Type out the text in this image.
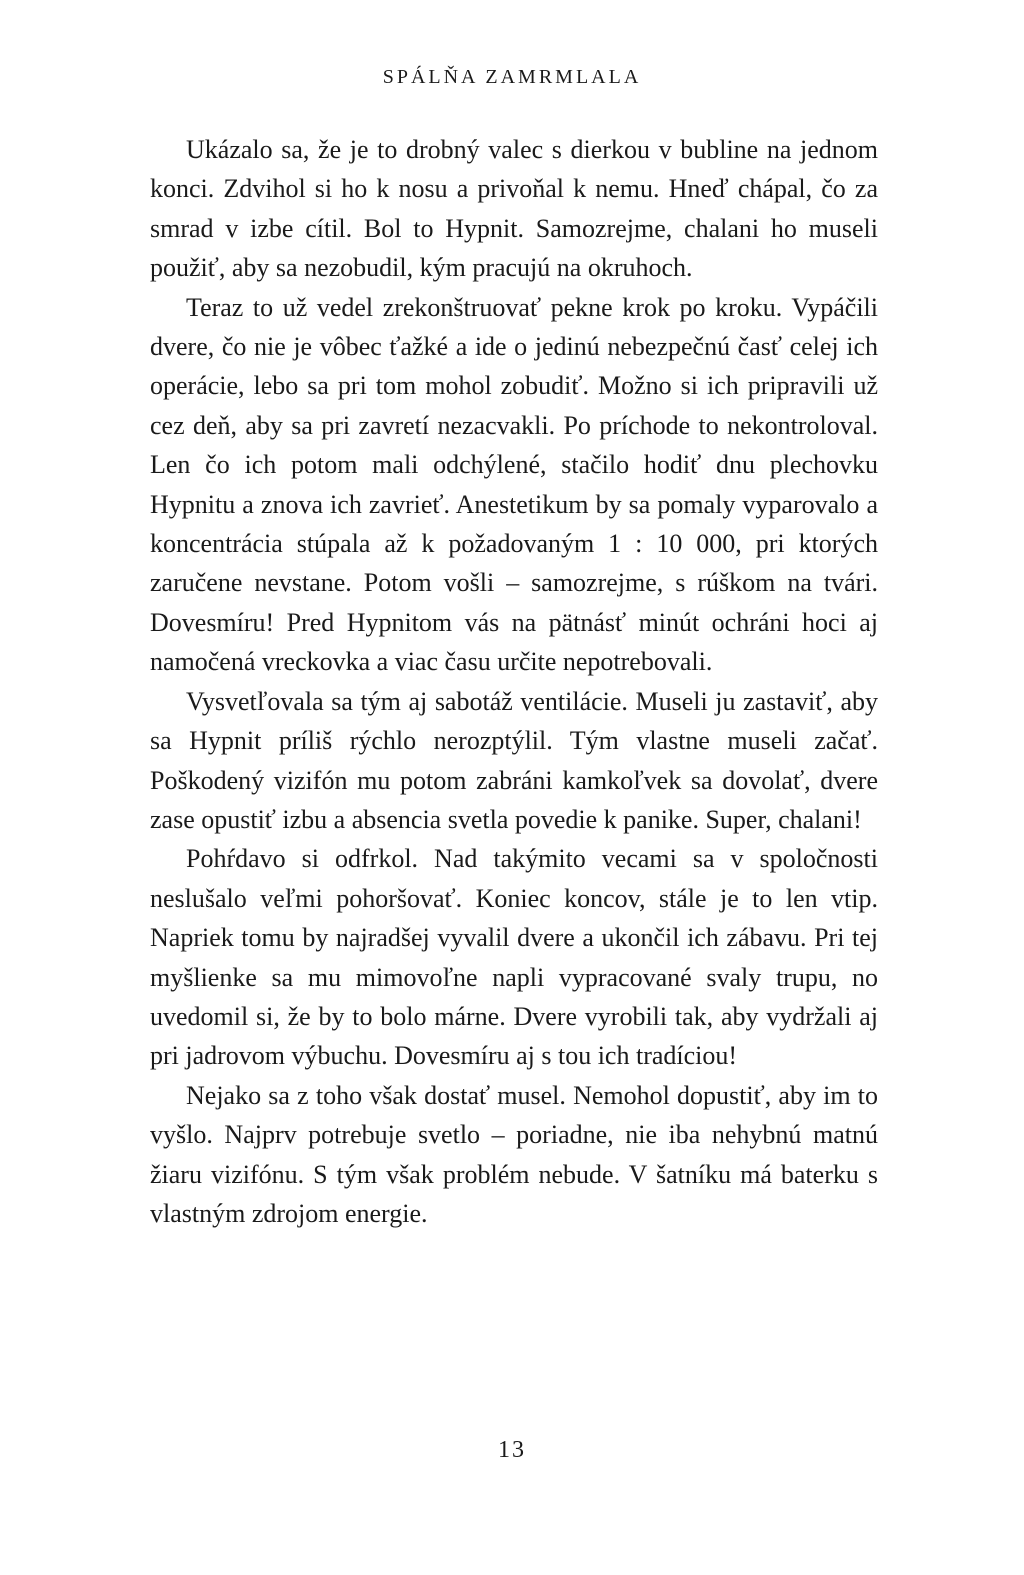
SPÁLŇA ZAMRMLALA

Ukázalo sa, že je to drobný valec s dierkou v bubline na jednom konci. Zdvihol si ho k nosu a privoňal k nemu. Hneď chápal, čo za smrad v izbe cítil. Bol to Hypnit. Samozrejme, chalani ho museli použiť, aby sa nezobudil, kým pracujú na okruhoch.

Teraz to už vedel zrekonštruovať pekne krok po kroku. Vypáčili dvere, čo nie je vôbec ťažké a ide o jedinú nebezpečnú časť celej ich operácie, lebo sa pri tom mohol zobudiť. Možno si ich pripravili už cez deň, aby sa pri zavretí nezacvakli. Po príchode to nekontroloval. Len čo ich potom mali odchýlené, stačilo hodiť dnu plechovku Hypnitu a znova ich zavrieť. Anestetikum by sa pomaly vyparovalo a koncentrácia stúpala až k požadovaným 1 : 10 000, pri ktorých zaručene nevstane. Potom vošli – samozrejme, s rúškom na tvári. Dovesmíru! Pred Hypnitom vás na pätnásť minút ochráni hoci aj namočená vreckovka a viac času určite nepotrebovali.

Vysvetľovala sa tým aj sabotáž ventilácie. Museli ju zastaviť, aby sa Hypnit príliš rýchlo nerozptýlil. Tým vlastne museli začať. Poškodený vizifón mu potom zabráni kamkoľvek sa dovolať, dvere zase opustiť izbu a absencia svetla povedie k panike. Super, chalani!

Pohŕdavo si odfrkol. Nad takýmito vecami sa v spoločnosti neslušalo veľmi pohoršovať. Koniec koncov, stále je to len vtip. Napriek tomu by najradšej vyvalil dvere a ukončil ich zábavu. Pri tej myšlienke sa mu mimovoľne napli vypracované svaly trupu, no uvedomil si, že by to bolo márne. Dvere vyrobili tak, aby vydržali aj pri jadrovom výbuchu. Dovesmíru aj s tou ich tradíciou!

Nejako sa z toho však dostať musel. Nemohol dopustiť, aby im to vyšlo. Najprv potrebuje svetlo – poriadne, nie iba nehybnú matnú žiaru vizifónu. S tým však problém nebude. V šatníku má baterku s vlastným zdrojom energie.

13
